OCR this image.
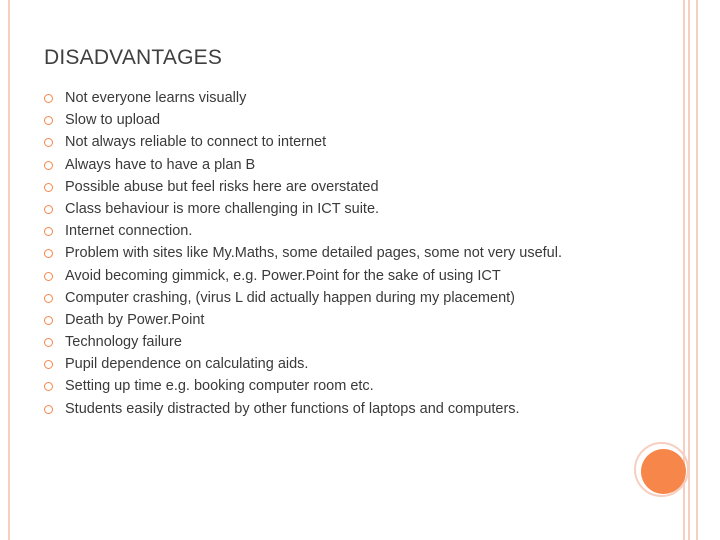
DISADVANTAGES
Not everyone learns visually
Slow to upload
Not always reliable to connect to internet
Always have to have a plan B
Possible abuse but feel risks here are overstated
Class behaviour is more challenging in ICT suite.
Internet connection.
Problem with sites like My.Maths, some detailed pages, some not very useful.
Avoid becoming gimmick, e.g. Power.Point for the sake of using ICT
Computer crashing, (virus L did actually happen during my placement)
Death by Power.Point
Technology failure
Pupil dependence on calculating aids.
Setting up time e.g. booking computer room etc.
Students easily distracted by other functions of laptops and computers.
